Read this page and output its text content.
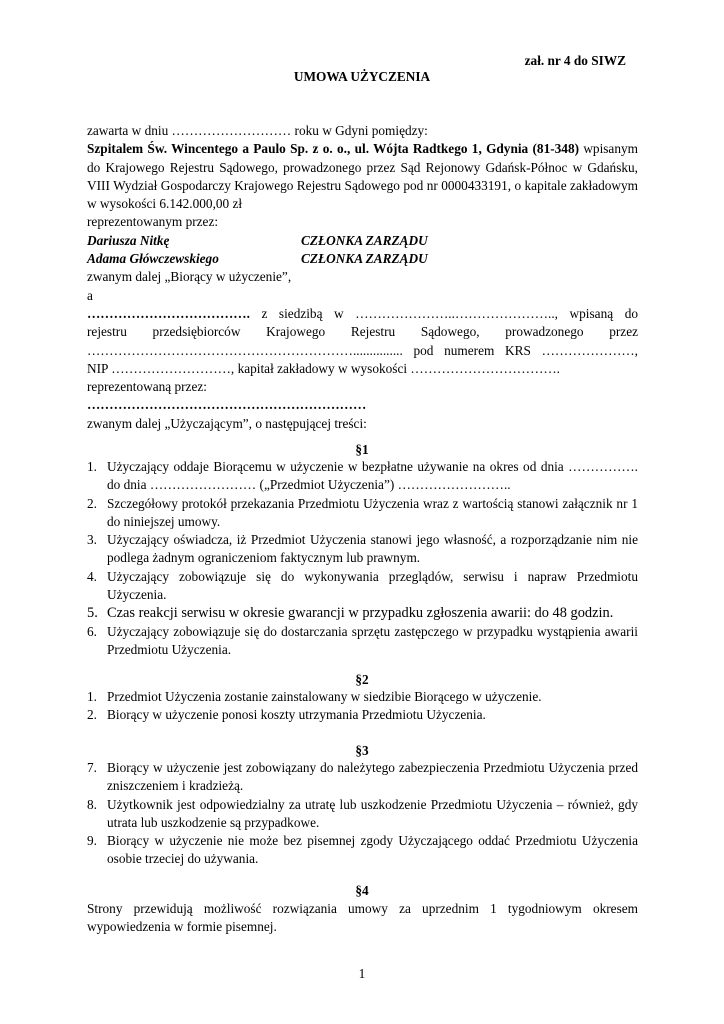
zał. nr 4 do SIWZ
UMOWA UŻYCZENIA
zawarta w dniu ……………………… roku w Gdyni pomiędzy:
Szpitalem Św. Wincentego a Paulo Sp. z o. o., ul. Wójta Radtkego 1, Gdynia (81-348) wpisanym do Krajowego Rejestru Sądowego, prowadzonego przez Sąd Rejonowy Gdańsk-Północ w Gdańsku, VIII Wydział Gospodarczy Krajowego Rejestru Sądowego pod nr 0000433191, o kapitale zakładowym w wysokości 6.142.000,00 zł
reprezentowanym przez:
Dariusza Nitkę	CZŁONKA ZARZĄDU
Adama Główczewskiego	CZŁONKA ZARZĄDU
zwanym dalej „Biorący w użyczenie”,
a
………………………………. z siedzibą w …………………..………………….., wpisaną do
rejestru przedsiębiorców Krajowego Rejestru Sądowego, prowadzonego przez
……………………………………………………............... pod numerem KRS …………………,
NIP ………………………, kapitał zakładowy w wysokości …………………………….
reprezentowaną przez:
………………………………………………………
zwanym dalej „Użyczającym”, o następującej treści:
§1
1. Użyczający oddaje Biorącemu w użyczenie w bezpłatne używanie na okres od dnia ……………. do dnia …………………… („Przedmiot Użyczenia”) ……………………..
2. Szczegółowy protokół przekazania Przedmiotu Użyczenia wraz z wartością stanowi załącznik nr 1 do niniejszej umowy.
3. Użyczający oświadcza, iż Przedmiot Użyczenia stanowi jego własność, a rozporządzanie nim nie podlega żadnym ograniczeniom faktycznym lub prawnym.
4. Użyczający zobowiązuje się do wykonywania przeglądów, serwisu i napraw Przedmiotu Użyczenia.
5. Czas reakcji serwisu w okresie gwarancji w przypadku zgłoszenia awarii: do 48 godzin.
6. Użyczający zobowiązuje się do dostarczania sprzętu zastępczego w przypadku wystąpienia awarii Przedmiotu Użyczenia.
§2
1. Przedmiot Użyczenia zostanie zainstalowany w siedzibie Biorącego w użyczenie.
2. Biorący w użyczenie ponosi koszty utrzymania Przedmiotu Użyczenia.
§3
7. Biorący w użyczenie jest zobowiązany do należytego zabezpieczenia Przedmiotu Użyczenia przed zniszczeniem i kradzieżą.
8. Użytkownik jest odpowiedzialny za utratę lub uszkodzenie Przedmiotu Użyczenia – również, gdy utrata lub uszkodzenie są przypadkowe.
9. Biorący w użyczenie nie może bez pisemnej zgody Użyczającego oddać Przedmiotu Użyczenia osobie trzeciej do używania.
§4
Strony przewidują możliwość rozwiązania umowy za uprzednim 1 tygodniowym okresem wypowiedzenia w formie pisemnej.
1
